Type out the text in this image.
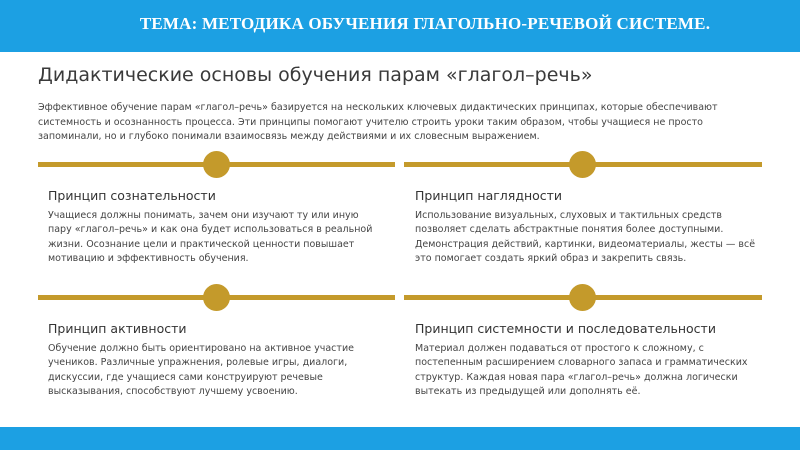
ТЕМА: МЕТОДИКА ОБУЧЕНИЯ ГЛАГОЛЬНО-РЕЧЕВОЙ СИСТЕМЕ.
Дидактические основы обучения парам «глагол–речь»
Эффективное обучение парам «глагол–речь» базируется на нескольких ключевых дидактических принципах, которые обеспечивают системность и осознанность процесса. Эти принципы помогают учителю строить уроки таким образом, чтобы учащиеся не просто запоминали, но и глубоко понимали взаимосвязь между действиями и их словесным выражением.
Принцип сознательности
Учащиеся должны понимать, зачем они изучают ту или иную пару «глагол–речь» и как она будет использоваться в реальной жизни. Осознание цели и практической ценности повышает мотивацию и эффективность обучения.
Принцип наглядности
Использование визуальных, слуховых и тактильных средств позволяет сделать абстрактные понятия более доступными. Демонстрация действий, картинки, видеоматериалы, жесты — всё это помогает создать яркий образ и закрепить связь.
Принцип активности
Обучение должно быть ориентировано на активное участие учеников. Различные упражнения, ролевые игры, диалоги, дискуссии, где учащиеся сами конструируют речевые высказывания, способствуют лучшему усвоению.
Принцип системности и последовательности
Материал должен подаваться от простого к сложному, с постепенным расширением словарного запаса и грамматических структур. Каждая новая пара «глагол–речь» должна логически вытекать из предыдущей или дополнять её.
